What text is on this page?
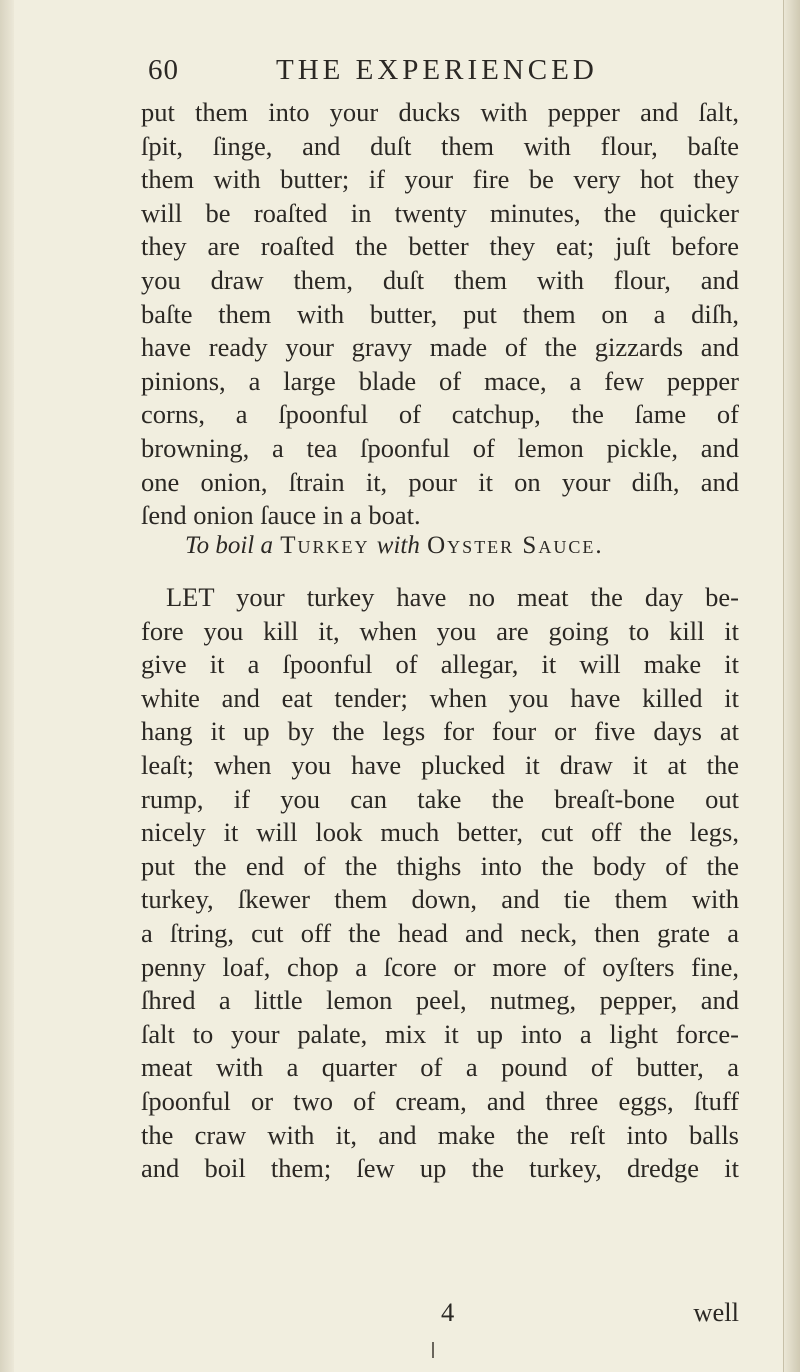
60	THE EXPERIENCED
put them into your ducks with pepper and ſalt,
ſpit, ſinge, and duſt them with flour, baſte
them with butter; if your fire be very hot they
will be roaſted in twenty minutes, the quicker
they are roaſted the better they eat; juſt before
you draw them, duſt them with flour, and
baſte them with butter, put them on a diſh,
have ready your gravy made of the gizzards and
pinions, a large blade of mace, a few pepper
corns, a ſpoonful of catchup, the ſame of
browning, a tea ſpoonful of lemon pickle, and
one onion, ſtrain it, pour it on your diſh, and
ſend onion ſauce in a boat.
To boil a Turkey with Oyster Sauce.
LET your turkey have no meat the day be-
fore you kill it, when you are going to kill it
give it a ſpoonful of allegar, it will make it
white and eat tender; when you have killed it
hang it up by the legs for four or five days at
leaſt; when you have plucked it draw it at the
rump, if you can take the breaſt-bone out
nicely it will look much better, cut off the legs,
put the end of the thighs into the body of the
turkey, ſkewer them down, and tie them with
a ſtring, cut off the head and neck, then grate a
penny loaf, chop a ſcore or more of oyſters fine,
ſhred a little lemon peel, nutmeg, pepper, and
ſalt to your palate, mix it up into a light force-
meat with a quarter of a pound of butter, a
ſpoonful or two of cream, and three eggs, ſtuff
the craw with it, and make the reſt into balls
and boil them; ſew up the turkey, dredge it
4	well
